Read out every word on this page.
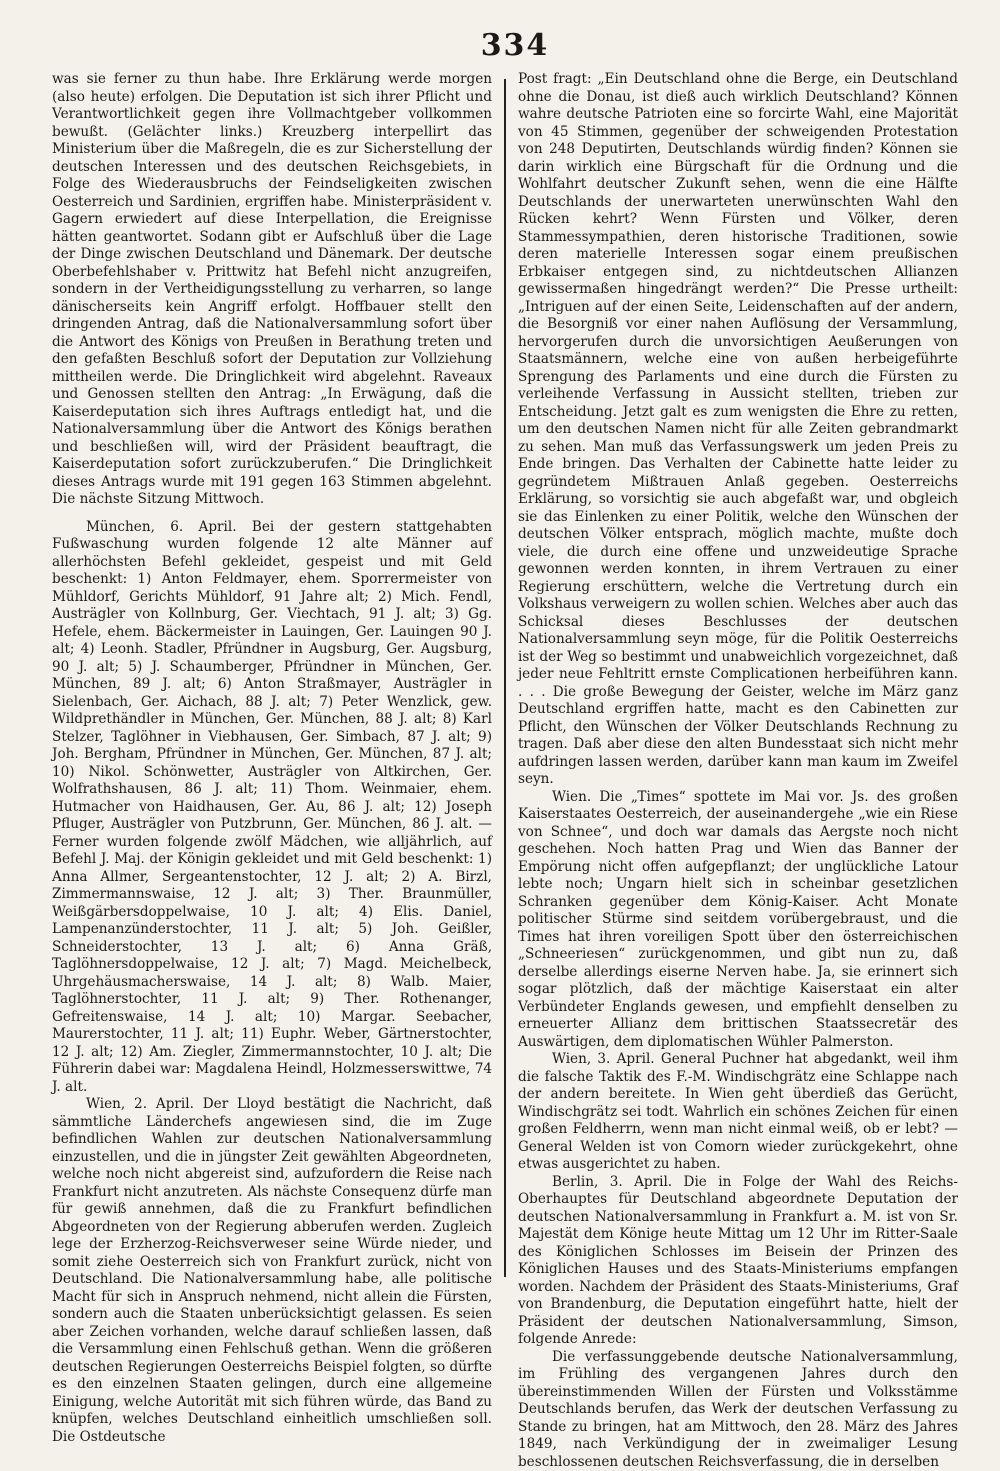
334

was sie ferner zu thun habe. Ihre Erklärung werde morgen (also heute) erfolgen. Die Deputation ist sich ihrer Pflicht und Verantwortlichkeit gegen ihre Vollmachtgeber vollkommen bewußt. (Gelächter links.) Kreuzberg interpellirt das Ministerium über die Maßregeln, die es zur Sicherstellung der deutschen Interessen und des deutschen Reichsgebiets, in Folge des Wiederausbruchs der Feindseligkeiten zwischen Oesterreich und Sardinien, ergriffen habe. Ministerpräsident v. Gagern erwiedert auf diese Interpellation, die Ereignisse hätten geantwortet. Sodann gibt er Aufschluß über die Lage der Dinge zwischen Deutschland und Dänemark. Der deutsche Oberbefehlshaber v. Prittwitz hat Befehl nicht anzugreifen, sondern in der Vertheidigungsstellung zu verharren, so lange dänischerseits kein Angriff erfolgt. Hoffbauer stellt den dringenden Antrag, daß die Nationalversammlung sofort über die Antwort des Königs von Preußen in Berathung treten und den gefaßten Beschluß sofort der Deputation zur Vollziehung mittheilen werde. Die Dringlichkeit wird abgelehnt. Raveaux und Genossen stellten den Antrag: „In Erwägung, daß die Kaiserdeputation sich ihres Auftrags entledigt hat, und die Nationalversammlung über die Antwort des Königs berathen und beschließen will, wird der Präsident beauftragt, die Kaiserdeputation sofort zurückzuberufen.“ Die Dringlichkeit dieses Antrags wurde mit 191 gegen 163 Stimmen abgelehnt. Die nächste Sitzung Mittwoch.

München, 6. April. Bei der gestern stattgehabten Fußwaschung wurden folgende 12 alte Männer auf allerhöchsten Befehl gekleidet, gespeist und mit Geld beschenkt: 1) Anton Feldmayer, ehem. Sporrermeister von Mühldorf, Gerichts Mühldorf, 91 Jahre alt; 2) Mich. Fendl, Austrägler von Kollnburg, Ger. Viechtach, 91 J. alt; 3) Gg. Hefele, ehem. Bäckermeister in Lauingen, Ger. Lauingen 90 J. alt; 4) Leonh. Stadler, Pfründner in Augsburg, Ger. Augsburg, 90 J. alt; 5) J. Schaumberger, Pfründner in München, Ger. München, 89 J. alt; 6) Anton Straßmayer, Austrägler in Sielenbach, Ger. Aichach, 88 J. alt; 7) Peter Wenzlick, gew. Wildprethändler in München, Ger. München, 88 J. alt; 8) Karl Stelzer, Taglöhner in Viebhausen, Ger. Simbach, 87 J. alt; 9) Joh. Bergham, Pfründner in München, Ger. München, 87 J. alt; 10) Nikol. Schönwetter, Austrägler von Altkirchen, Ger. Wolfrathshausen, 86 J. alt; 11) Thom. Weinmaier, ehem. Hutmacher von Haidhausen, Ger. Au, 86 J. alt; 12) Joseph Pfluger, Austrägler von Putzbrunn, Ger. München, 86 J. alt. — Ferner wurden folgende zwölf Mädchen, wie alljährlich, auf Befehl J. Maj. der Königin gekleidet und mit Geld beschenkt: 1) Anna Allmer, Sergeantenstochter, 12 J. alt; 2) A. Birzl, Zimmermannswaise, 12 J. alt; 3) Ther. Braunmüller, Weißgärbersdoppelwaise, 10 J. alt; 4) Elis. Daniel, Lampenanzünderstochter, 11 J. alt; 5) Joh. Geißler, Schneiderstochter, 13 J. alt; 6) Anna Gräß, Taglöhnersdoppelwaise, 12 J. alt; 7) Magd. Meichelbeck, Uhrgehäusmacherswaise, 14 J. alt; 8) Walb. Maier, Taglöhnerstochter, 11 J. alt; 9) Ther. Rothenanger, Gefreitenswaise, 14 J. alt; 10) Margar. Seebacher, Maurerstochter, 11 J. alt; 11) Euphr. Weber, Gärtnerstochter, 12 J. alt; 12) Am. Ziegler, Zimmermannstochter, 10 J. alt; Die Führerin dabei war: Magdalena Heindl, Holzmesserswittwe, 74 J. alt.

Wien, 2. April. Der Lloyd bestätigt die Nachricht, daß sämmtliche Länderchefs angewiesen sind, die im Zuge befindlichen Wahlen zur deutschen Nationalversammlung einzustellen, und die in jüngster Zeit gewählten Abgeordneten, welche noch nicht abgereist sind, aufzufordern die Reise nach Frankfurt nicht anzutreten. Als nächste Consequenz dürfe man für gewiß annehmen, daß die zu Frankfurt befindlichen Abgeordneten von der Regierung abberufen werden. Zugleich lege der Erzherzog-Reichsverweser seine Würde nieder, und somit ziehe Oesterreich sich von Frankfurt zurück, nicht von Deutschland. Die Nationalversammlung habe, alle politische Macht für sich in Anspruch nehmend, nicht allein die Fürsten, sondern auch die Staaten unberücksichtigt gelassen. Es seien aber Zeichen vorhanden, welche darauf schließen lassen, daß die Versammlung einen Fehlschuß gethan. Wenn die größeren deutschen Regierungen Oesterreichs Beispiel folgten, so dürfte es den einzelnen Staaten gelingen, durch eine allgemeine Einigung, welche Autorität mit sich führen würde, das Band zu knüpfen, welches Deutschland einheitlich umschließen soll. Die Ostdeutsche

Post fragt: „Ein Deutschland ohne die Berge, ein Deutschland ohne die Donau, ist dieß auch wirklich Deutschland? Können wahre deutsche Patrioten eine so forcirte Wahl, eine Majorität von 45 Stimmen, gegenüber der schweigenden Protestation von 248 Deputirten, Deutschlands würdig finden? Können sie darin wirklich eine Bürgschaft für die Ordnung und die Wohlfahrt deutscher Zukunft sehen, wenn die eine Hälfte Deutschlands der unerwarteten unerwünschten Wahl den Rücken kehrt? Wenn Fürsten und Völker, deren Stammessympathien, deren historische Traditionen, sowie deren materielle Interessen sogar einem preußischen Erbkaiser entgegen sind, zu nichtdeutschen Allianzen gewissermaßen hingedrängt werden?“ Die Presse urtheilt: „Intriguen auf der einen Seite, Leidenschaften auf der andern, die Besorgniß vor einer nahen Auflösung der Versammlung, hervorgerufen durch die unvorsichtigen Aeußerungen von Staatsmännern, welche eine von außen herbeigeführte Sprengung des Parlaments und eine durch die Fürsten zu verleihende Verfassung in Aussicht stellten, trieben zur Entscheidung. Jetzt galt es zum wenigsten die Ehre zu retten, um den deutschen Namen nicht für alle Zeiten gebrandmarkt zu sehen. Man muß das Verfassungswerk um jeden Preis zu Ende bringen. Das Verhalten der Cabinette hatte leider zu gegründetem Mißtrauen Anlaß gegeben. Oesterreichs Erklärung, so vorsichtig sie auch abgefaßt war, und obgleich sie das Einlenken zu einer Politik, welche den Wünschen der deutschen Völker entsprach, möglich machte, mußte doch viele, die durch eine offene und unzweideutige Sprache gewonnen werden konnten, in ihrem Vertrauen zu einer Regierung erschüttern, welche die Vertretung durch ein Volkshaus verweigern zu wollen schien. Welches aber auch das Schicksal dieses Beschlusses der deutschen Nationalversammlung seyn möge, für die Politik Oesterreichs ist der Weg so bestimmt und unabweichlich vorgezeichnet, daß jeder neue Fehltritt ernste Complicationen herbeiführen kann. . . . Die große Bewegung der Geister, welche im März ganz Deutschland ergriffen hatte, macht es den Cabinetten zur Pflicht, den Wünschen der Völker Deutschlands Rechnung zu tragen. Daß aber diese den alten Bundesstaat sich nicht mehr aufdringen lassen werden, darüber kann man kaum im Zweifel seyn.

Wien. Die „Times“ spottete im Mai vor. Js. des großen Kaiserstaates Oesterreich, der auseinandergehe „wie ein Riese von Schnee“, und doch war damals das Aergste noch nicht geschehen. Noch hatten Prag und Wien das Banner der Empörung nicht offen aufgepflanzt; der unglückliche Latour lebte noch; Ungarn hielt sich in scheinbar gesetzlichen Schranken gegenüber dem König-Kaiser. Acht Monate politischer Stürme sind seitdem vorübergebraust, und die Times hat ihren voreiligen Spott über den österreichischen „Schneeriesen“ zurückgenommen, und gibt nun zu, daß derselbe allerdings eiserne Nerven habe. Ja, sie erinnert sich sogar plötzlich, daß der mächtige Kaiserstaat ein alter Verbündeter Englands gewesen, und empfiehlt denselben zu erneuerter Allianz dem brittischen Staatssecretär des Auswärtigen, dem diplomatischen Wühler Palmerston.

Wien, 3. April. General Puchner hat abgedankt, weil ihm die falsche Taktik des F.-M. Windischgrätz eine Schlappe nach der andern bereitete. In Wien geht überdieß das Gerücht, Windischgrätz sei todt. Wahrlich ein schönes Zeichen für einen großen Feldherrn, wenn man nicht einmal weiß, ob er lebt? — General Welden ist von Comorn wieder zurückgekehrt, ohne etwas ausgerichtet zu haben.

Berlin, 3. April. Die in Folge der Wahl des Reichs-Oberhauptes für Deutschland abgeordnete Deputation der deutschen Nationalversammlung in Frankfurt a. M. ist von Sr. Majestät dem Könige heute Mittag um 12 Uhr im Ritter-Saale des Königlichen Schlosses im Beisein der Prinzen des Königlichen Hauses und des Staats-Ministeriums empfangen worden. Nachdem der Präsident des Staats-Ministeriums, Graf von Brandenburg, die Deputation eingeführt hatte, hielt der Präsident der deutschen Nationalversammlung, Simson, folgende Anrede:

Die verfassunggebende deutsche Nationalversammlung, im Frühling des vergangenen Jahres durch den übereinstimmenden Willen der Fürsten und Volksstämme Deutschlands berufen, das Werk der deutschen Verfassung zu Stande zu bringen, hat am Mittwoch, den 28. März des Jahres 1849, nach Verkündigung der in zweimaliger Lesung beschlossenen deutschen Reichsverfassung, die in derselben
